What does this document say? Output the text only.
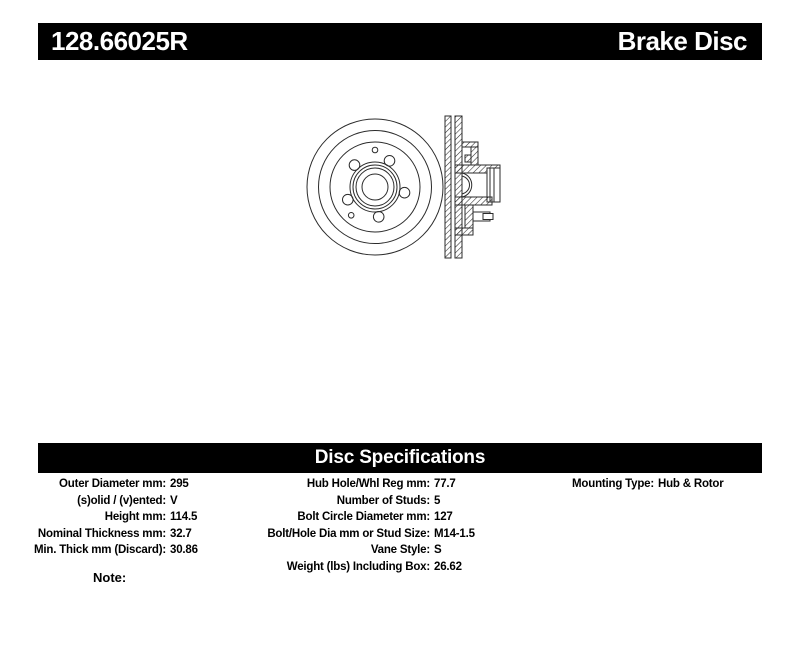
128.66025R	Brake Disc
Disc Specifications
Outer Diameter mm: 295
(s)olid / (v)ented: V
Height mm: 114.5
Nominal Thickness mm: 32.7
Min. Thick mm (Discard): 30.86
Hub Hole/Whl Reg mm: 77.7
Number of Studs: 5
Bolt Circle Diameter mm: 127
Bolt/Hole Dia mm or Stud Size: M14-1.5
Vane Style: S
Weight (lbs) Including Box: 26.62
Mounting Type: Hub & Rotor
Note:
